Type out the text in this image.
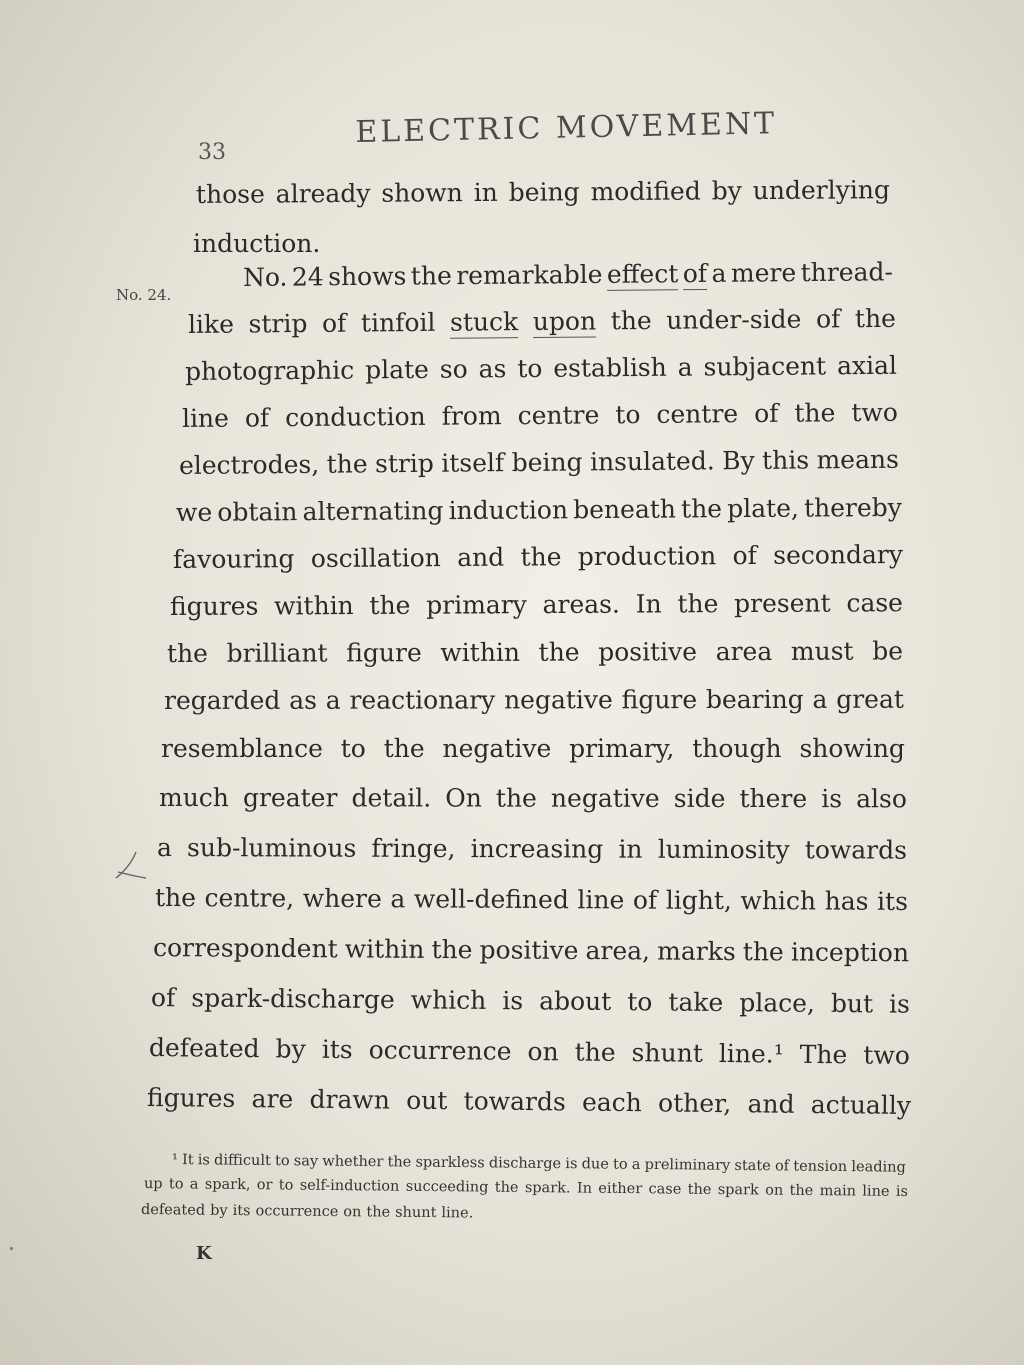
33
ELECTRIC MOVEMENT
No. 24.
those already shown in being modified by underlying
induction.
No. 24 shows the remarkable effect of a mere thread-
like strip of tinfoil stuck upon the under-side of the
photographic plate so as to establish a subjacent axial
line of conduction from centre to centre of the two
electrodes, the strip itself being insulated. By this means
we obtain alternating induction beneath the plate, thereby
favouring oscillation and the production of secondary
figures within the primary areas. In the present case
the brilliant figure within the positive area must be
regarded as a reactionary negative figure bearing a great
resemblance to the negative primary, though showing
much greater detail. On the negative side there is also
a sub-luminous fringe, increasing in luminosity towards
the centre, where a well-defined line of light, which has its
correspondent within the positive area, marks the inception
of spark-discharge which is about to take place, but is
defeated by its occurrence on the shunt line.¹ The two
figures are drawn out towards each other, and actually
¹ It is difficult to say whether the sparkless discharge is due to a preliminary state of tension leading
up to a spark, or to self-induction succeeding the spark. In either case the spark on the main line is
defeated by its occurrence on the shunt line.
K
